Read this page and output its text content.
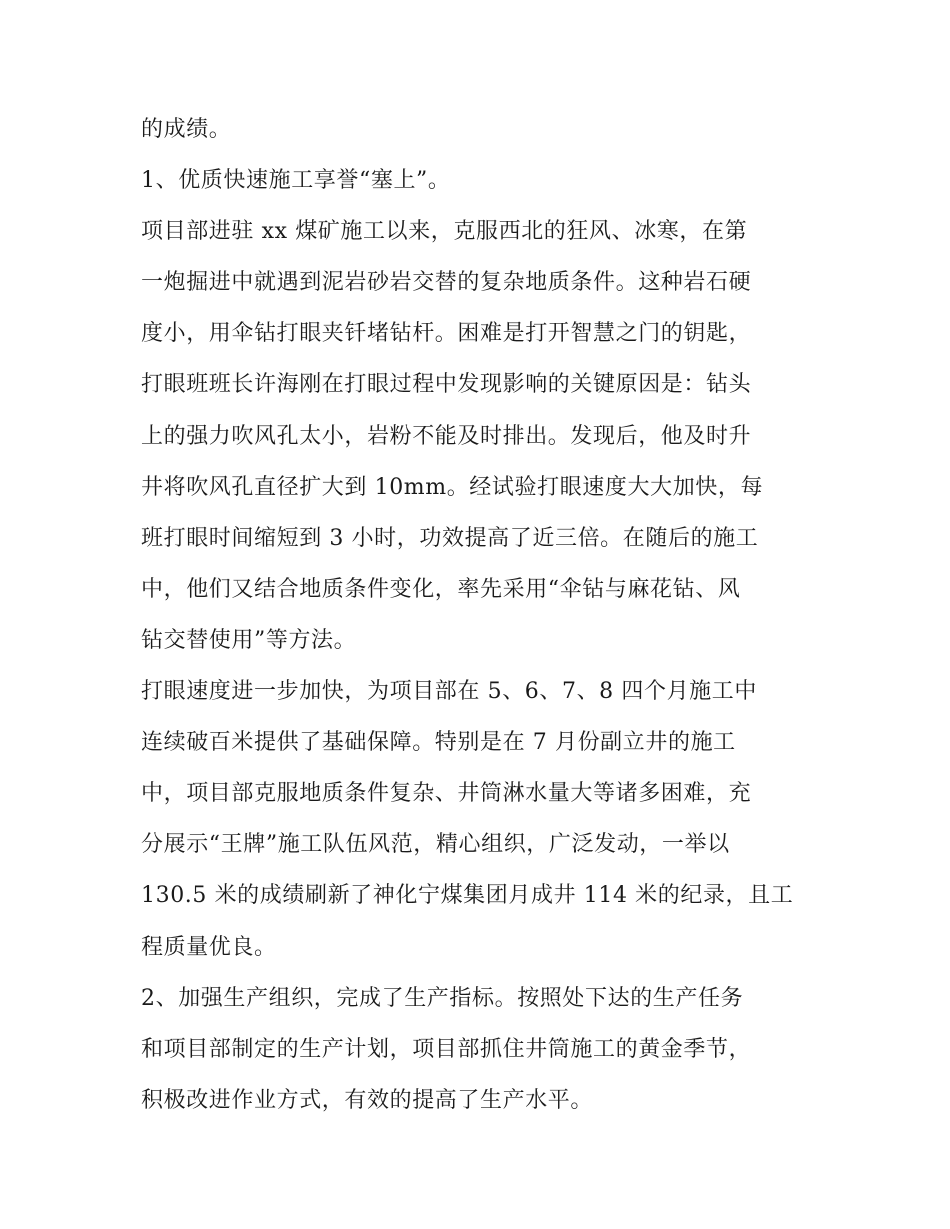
的成绩。
1、优质快速施工享誉“塞上”。
项目部进驻 xx 煤矿施工以来，克服西北的狂风、冰寒，在第
一炮掘进中就遇到泥岩砂岩交替的复杂地质条件。这种岩石硬
度小，用伞钻打眼夹钎堵钻杆。困难是打开智慧之门的钥匙，
打眼班班长许海刚在打眼过程中发现影响的关键原因是：钻头
上的强力吹风孔太小，岩粉不能及时排出。发现后，他及时升
井将吹风孔直径扩大到 10mm。经试验打眼速度大大加快，每
班打眼时间缩短到 3 小时，功效提高了近三倍。在随后的施工
中，他们又结合地质条件变化，率先采用“伞钻与麻花钻、风
钻交替使用”等方法。
打眼速度进一步加快，为项目部在 5、6、7、8 四个月施工中
连续破百米提供了基础保障。特别是在 7 月份副立井的施工
中，项目部克服地质条件复杂、井筒淋水量大等诸多困难，充
分展示“王牌”施工队伍风范，精心组织，广泛发动，一举以
130.5 米的成绩刷新了神化宁煤集团月成井 114 米的纪录，且工
程质量优良。
2、加强生产组织，完成了生产指标。按照处下达的生产任务
和项目部制定的生产计划，项目部抓住井筒施工的黄金季节，
积极改进作业方式，有效的提高了生产水平。
